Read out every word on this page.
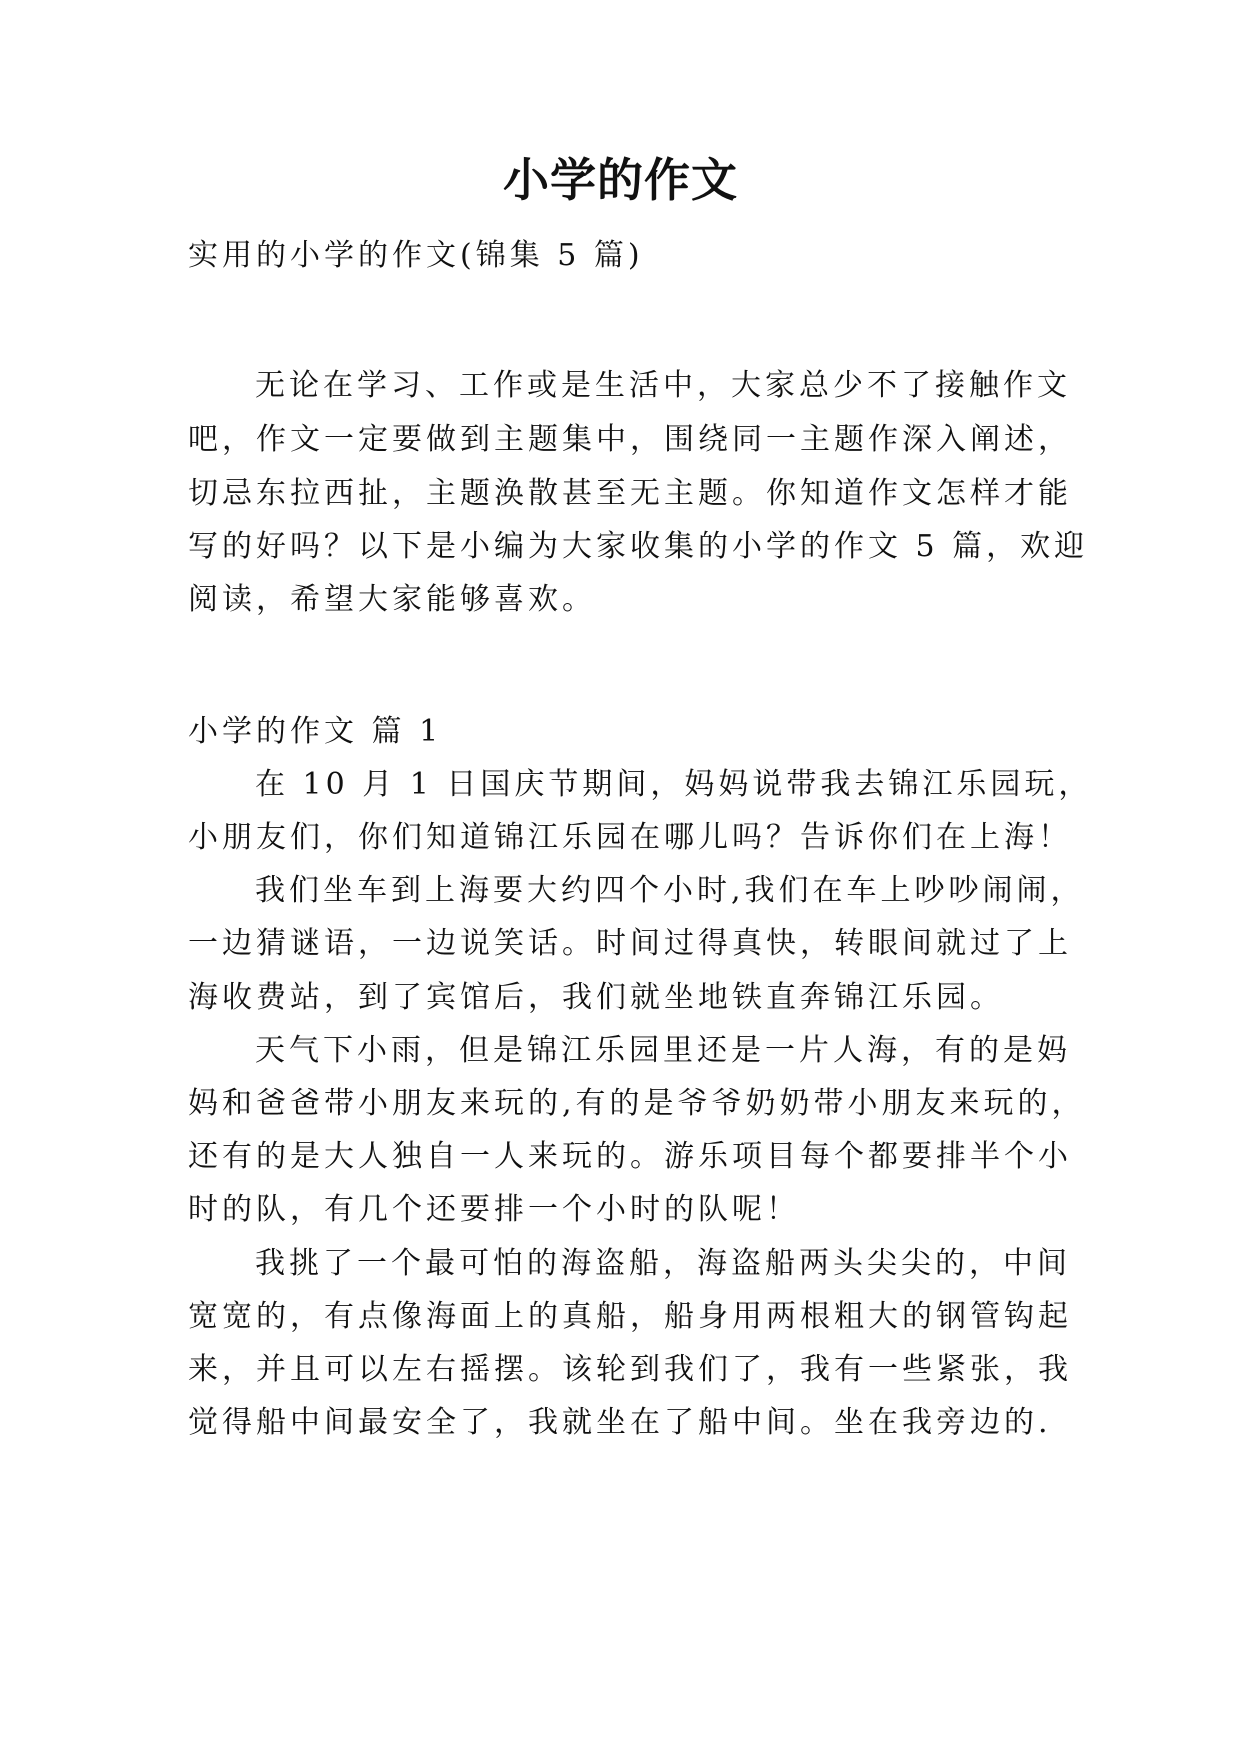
小学的作文

实用的小学的作文(锦集 5 篇)

无论在学习、工作或是生活中，大家总少不了接触作文

吧，作文一定要做到主题集中，围绕同一主题作深入阐述，

切忌东拉西扯，主题涣散甚至无主题。你知道作文怎样才能

写的好吗？以下是小编为大家收集的小学的作文 5 篇，欢迎

阅读，希望大家能够喜欢。

小学的作文 篇 1

在 10 月 1 日国庆节期间，妈妈说带我去锦江乐园玩，

小朋友们，你们知道锦江乐园在哪儿吗？告诉你们在上海！

我们坐车到上海要大约四个小时,我们在车上吵吵闹闹，

一边猜谜语，一边说笑话。时间过得真快，转眼间就过了上

海收费站，到了宾馆后，我们就坐地铁直奔锦江乐园。

天气下小雨，但是锦江乐园里还是一片人海，有的是妈

妈和爸爸带小朋友来玩的,有的是爷爷奶奶带小朋友来玩的，

还有的是大人独自一人来玩的。游乐项目每个都要排半个小

时的队，有几个还要排一个小时的队呢！

我挑了一个最可怕的海盗船，海盗船两头尖尖的，中间

宽宽的，有点像海面上的真船，船身用两根粗大的钢管钩起

来，并且可以左右摇摆。该轮到我们了，我有一些紧张，我

觉得船中间最安全了，我就坐在了船中间。坐在我旁边的.
